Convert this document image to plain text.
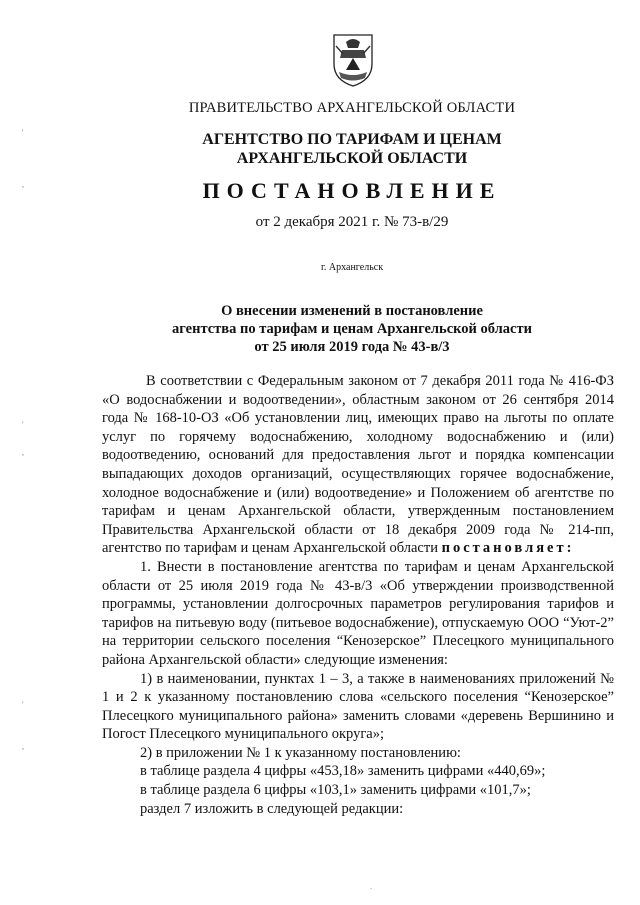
ПРАВИТЕЛЬСТВО АРХАНГЕЛЬСКОЙ ОБЛАСТИ
АГЕНТСТВО ПО ТАРИФАМ И ЦЕНАМ
АРХАНГЕЛЬСКОЙ ОБЛАСТИ
ПОСТАНОВЛЕНИЕ
от 2 декабря 2021 г. № 73-в/29
г. Архангельск
О внесении изменений в постановление
агентства по тарифам и ценам Архангельской области
от 25 июля 2019 года № 43-в/3

В соответствии с Федеральным законом от 7 декабря 2011 года № 416-ФЗ «О водоснабжении и водоотведении», областным законом от 26 сентября 2014 года № 168-10-ОЗ «Об установлении лиц, имеющих право на льготы по оплате услуг по горячему водоснабжению, холодному водоснабжению и (или) водоотведению, оснований для предоставления льгот и порядка компенсации выпадающих доходов организаций, осуществляющих горячее водоснабжение, холодное водоснабжение и (или) водоотведение» и Положением об агентстве по тарифам и ценам Архангельской области, утвержденным постановлением Правительства Архангельской области от 18 декабря 2009 года № 214-пп, агентство по тарифам и ценам Архангельской области постановляет:

1. Внести в постановление агентства по тарифам и ценам Архангельской области от 25 июля 2019 года № 43-в/3 «Об утверждении производственной программы, установлении долгосрочных параметров регулирования тарифов и тарифов на питьевую воду (питьевое водоснабжение), отпускаемую ООО “Уют-2” на территории сельского поселения “Кенозерское” Плесецкого муниципального района Архангельской области» следующие изменения:

1) в наименовании, пунктах 1 – 3, а также в наименованиях приложений № 1 и 2 к указанному постановлению слова «сельского поселения “Кенозерское” Плесецкого муниципального района» заменить словами «деревень Вершинино и Погост Плесецкого муниципального округа»;

2) в приложении № 1 к указанному постановлению:

в таблице раздела 4 цифры «453,18» заменить цифрами «440,69»;

в таблице раздела 6 цифры «103,1» заменить цифрами «101,7»;

раздел 7 изложить в следующей редакции:

'
,
'
,
'
,
.
